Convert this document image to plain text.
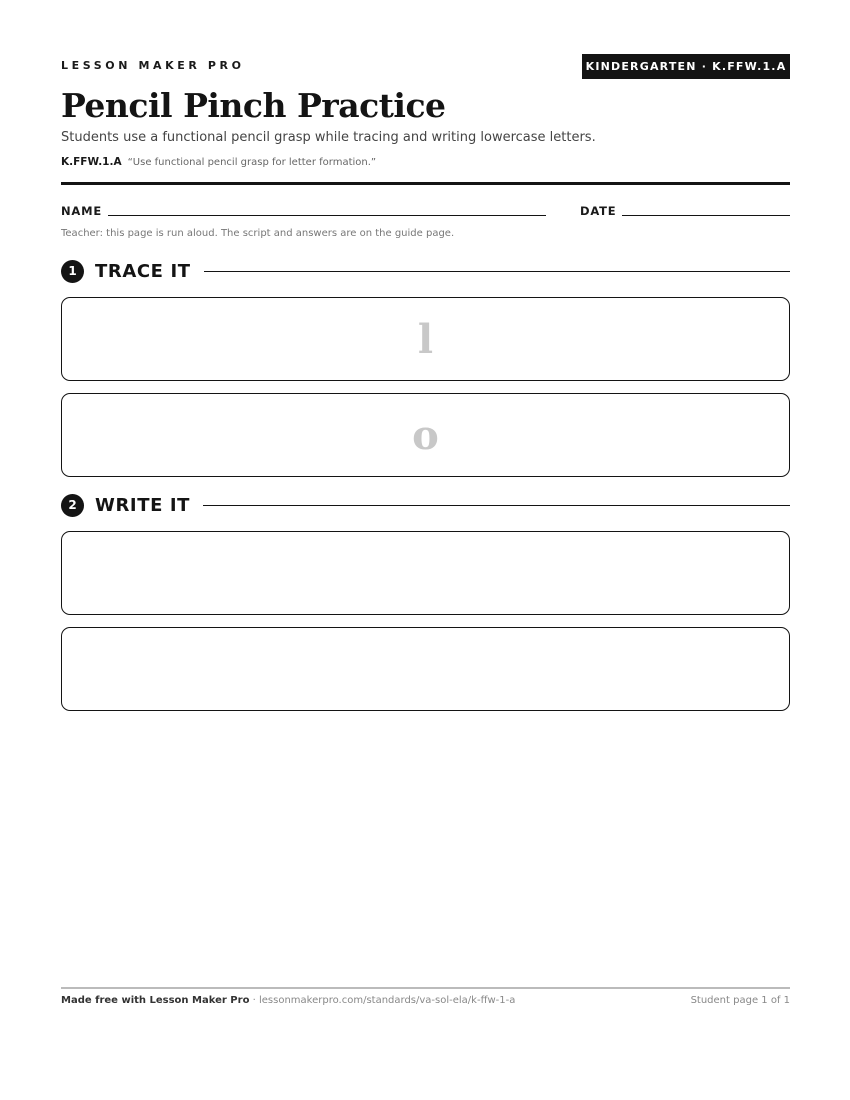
LESSON MAKER PRO	KINDERGARTEN · K.FFW.1.A
Pencil Pinch Practice
Students use a functional pencil grasp while tracing and writing lowercase letters.
K.FFW.1.A “Use functional pencil grasp for letter formation.”
NAME	DATE
Teacher: this page is run aloud. The script and answers are on the guide page.
1	TRACE IT
l
o
2	WRITE IT
Made free with Lesson Maker Pro · lessonmakerpro.com/standards/va-sol-ela/k-ffw-1-a	Student page 1 of 1
